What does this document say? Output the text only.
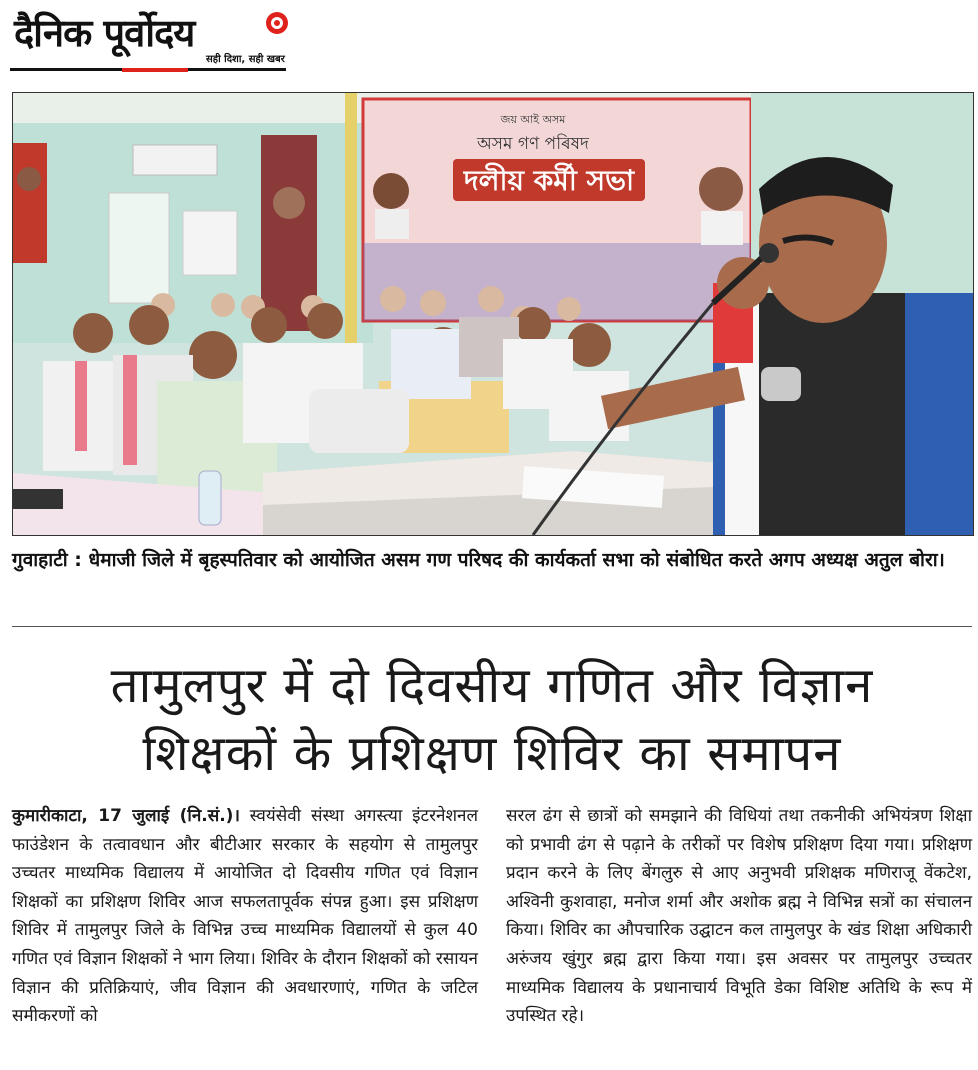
दैनिक पूर्वोदय
सही दिशा, सही खबर
জয় আই অসম
অসম গণ পৰিষদ
দলীয় কৰ্মী সভা
गुवाहाटी : धेमाजी जिले में बृहस्पतिवार को आयोजित असम गण परिषद की कार्यकर्ता सभा को संबोधित करते अगप अध्यक्ष अतुल बोरा।
तामुलपुर में दो दिवसीय गणित और विज्ञान
शिक्षकों के प्रशिक्षण शिविर का समापन
कुमारीकाटा, 17 जुलाई (नि.सं.)। स्वयंसेवी संस्था अगस्त्या इंटरनेशनल फाउंडेशन के तत्वावधान और बीटीआर सरकार के सहयोग से तामुलपुर उच्चतर माध्यमिक विद्यालय में आयोजित दो दिवसीय गणित एवं विज्ञान शिक्षकों का प्रशिक्षण शिविर आज सफलतापूर्वक संपन्न हुआ। इस प्रशिक्षण शिविर में तामुलपुर जिले के विभिन्न उच्च माध्यमिक विद्यालयों से कुल 40 गणित एवं विज्ञान शिक्षकों ने भाग लिया। शिविर के दौरान शिक्षकों को रसायन विज्ञान की प्रतिक्रियाएं, जीव विज्ञान की अवधारणाएं, गणित के जटिल समीकरणों को
सरल ढंग से छात्रों को समझाने की विधियां तथा तकनीकी अभियंत्रण शिक्षा को प्रभावी ढंग से पढ़ाने के तरीकों पर विशेष प्रशिक्षण दिया गया। प्रशिक्षण प्रदान करने के लिए बेंगलुरु से आए अनुभवी प्रशिक्षक मणिराजू वेंकटेश, अश्विनी कुशवाहा, मनोज शर्मा और अशोक ब्रह्म ने विभिन्न सत्रों का संचालन किया। शिविर का औपचारिक उद्घाटन कल तामुलपुर के खंड शिक्षा अधिकारी अरुंजय खुंगुर ब्रह्म द्वारा किया गया। इस अवसर पर तामुलपुर उच्चतर माध्यमिक विद्यालय के प्रधानाचार्य विभूति डेका विशिष्ट अतिथि के रूप में उपस्थित रहे।
